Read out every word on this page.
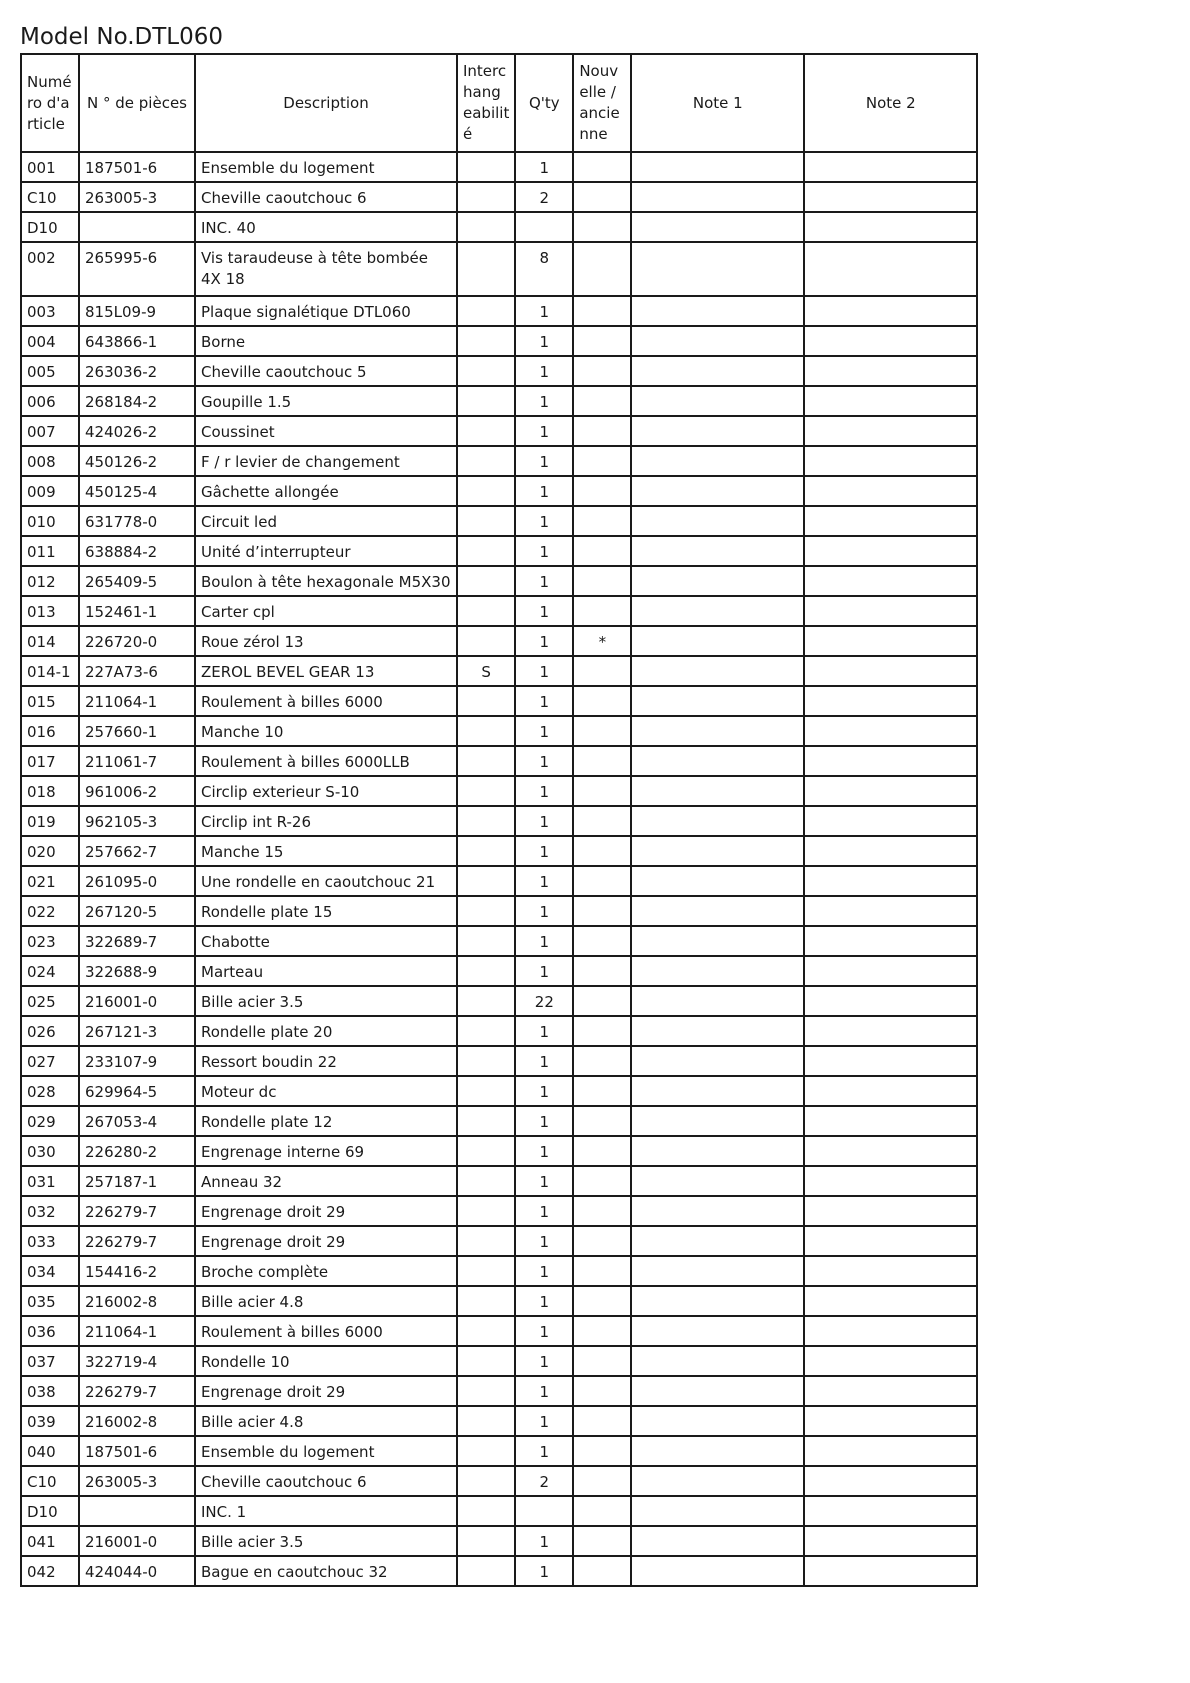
Model No.DTL060
Numé ro d'a rticle	N ° de pièces	Description	Interc hang eabilit é	Q'ty	Nouv elle / ancie nne	Note 1	Note 2
001	187501-6	Ensemble du logement		1			
C10	263005-3	Cheville caoutchouc 6		2			
D10		INC. 40					
002	265995-6	Vis taraudeuse à tête bombée 4X 18		8			
003	815L09-9	Plaque signalétique DTL060		1			
004	643866-1	Borne		1			
005	263036-2	Cheville caoutchouc 5		1			
006	268184-2	Goupille 1.5		1			
007	424026-2	Coussinet		1			
008	450126-2	F / r levier de changement		1			
009	450125-4	Gâchette allongée		1			
010	631778-0	Circuit led		1			
011	638884-2	Unité d’interrupteur		1			
012	265409-5	Boulon à tête hexagonale M5X30		1			
013	152461-1	Carter cpl		1			
014	226720-0	Roue zérol 13		1	*		
014-1	227A73-6	ZEROL BEVEL GEAR 13	S	1			
015	211064-1	Roulement à billes 6000		1			
016	257660-1	Manche 10		1			
017	211061-7	Roulement à billes 6000LLB		1			
018	961006-2	Circlip exterieur S-10		1			
019	962105-3	Circlip int R-26		1			
020	257662-7	Manche 15		1			
021	261095-0	Une rondelle en caoutchouc 21		1			
022	267120-5	Rondelle plate 15		1			
023	322689-7	Chabotte		1			
024	322688-9	Marteau		1			
025	216001-0	Bille acier 3.5		22			
026	267121-3	Rondelle plate 20		1			
027	233107-9	Ressort boudin 22		1			
028	629964-5	Moteur dc		1			
029	267053-4	Rondelle plate 12		1			
030	226280-2	Engrenage interne 69		1			
031	257187-1	Anneau 32		1			
032	226279-7	Engrenage droit 29		1			
033	226279-7	Engrenage droit 29		1			
034	154416-2	Broche complète		1			
035	216002-8	Bille acier 4.8		1			
036	211064-1	Roulement à billes 6000		1			
037	322719-4	Rondelle 10		1			
038	226279-7	Engrenage droit 29		1			
039	216002-8	Bille acier 4.8		1			
040	187501-6	Ensemble du logement		1			
C10	263005-3	Cheville caoutchouc 6		2			
D10		INC. 1					
041	216001-0	Bille acier 3.5		1			
042	424044-0	Bague en caoutchouc 32		1			
